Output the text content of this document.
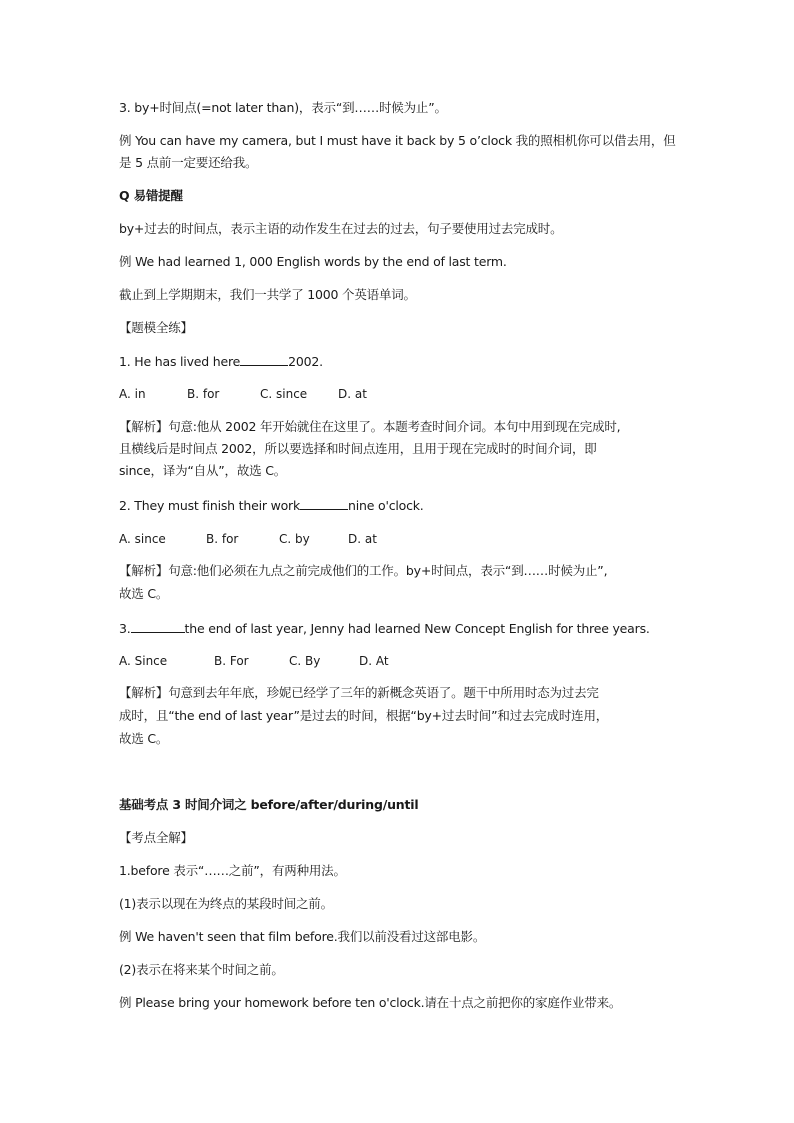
3. by+时间点(=not later than)，表示“到……时候为止”。
例 You can have my camera, but I must have it back by 5 o’clock 我的照相机你可以借去用，但
是 5 点前一定要还给我。
Q 易错提醒
by+过去的时间点，表示主语的动作发生在过去的过去，句子要使用过去完成时。
例 We had learned 1, 000 English words by the end of last term.
截止到上学期期末，我们一共学了 1000 个英语单词。
【题模全练】
1. He has lived here	2002.
A. in	B. for	C. since	D. at
【解析】句意:他从 2002 年开始就住在这里了。本题考查时间介词。本句中用到现在完成时,
且横线后是时间点 2002，所以要选择和时间点连用，且用于现在完成时的时间介词，即
since，译为“自从”，故选 C。
2. They must finish their work	nine o'clock.
A. since	B. for	C. by	D. at
【解析】句意:他们必须在九点之前完成他们的工作。by+时间点，表示“到……时候为止”,
故选 C。
3.	the end of last year, Jenny had learned New Concept English for three years.
A. Since	B. For	C. By	D. At
【解析】句意到去年年底，珍妮已经学了三年的新概念英语了。题干中所用时态为过去完
成时，且“the end of last year”是过去的时间，根据“by+过去时间”和过去完成时连用，
故选 C。
基础考点 3 时间介词之 before/after/during/until
【考点全解】
1.before 表示“……之前”，有两种用法。
(1)表示以现在为终点的某段时间之前。
例 We haven't seen that film before.我们以前没看过这部电影。
(2)表示在将来某个时间之前。
例 Please bring your homework before ten o'clock.请在十点之前把你的家庭作业带来。
